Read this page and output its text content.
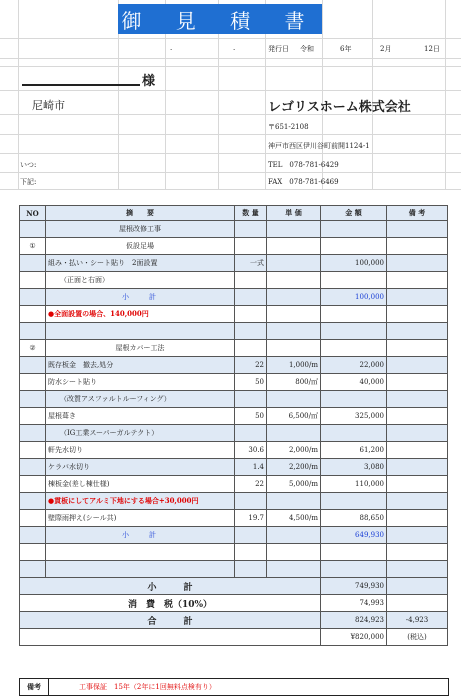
御 見 積 書
.	.	発行日 令和	6年	2月	12日
様
尼崎市	レゴリスホーム株式会社
〒651-2108
神戸市西区伊川谷町前開1124-1
TEL　078-781-6429
FAX　078-781-6469
いつ:
下記:
NO	摘　　要	数 量	単 価	金 額	備 考
	屋根改修工事				
①	仮設足場				
	組み・払い・シート貼り　2面設置	一式		100,000	
	（正面と右面）				
	小　　計			100,000	
	●全面設置の場合、140,000円				

②	屋根カバー工法				
	既存板金　撤去,処分	22	1,000/m	22,000	
	防水シート貼り	50	800/㎡	40,000	
	（改質アスファルトルーフィング）				
	屋根葺き	50	6,500/㎡	325,000	
	（IG工業スーパーガルテクト）				
	軒先水切り	30.6	2,000/m	61,200	
	ケラバ水切り	1.4	2,200/m	3,080	
	棟板金(差し棟仕様)	22	5,000/m	110,000	
	●貫板にしてアルミ下地にする場合+30,000円				
	壁際雨押え(シール共)	19.7	4,500/m	88,650	
	小　　計			649,930	

小　　　計				749,930	
消　費　税（10%）				74,993	
合　　　計				824,923	-4,923
				¥820,000	(税込)
備考	工事保証　15年（2年に1回無料点検有り）
